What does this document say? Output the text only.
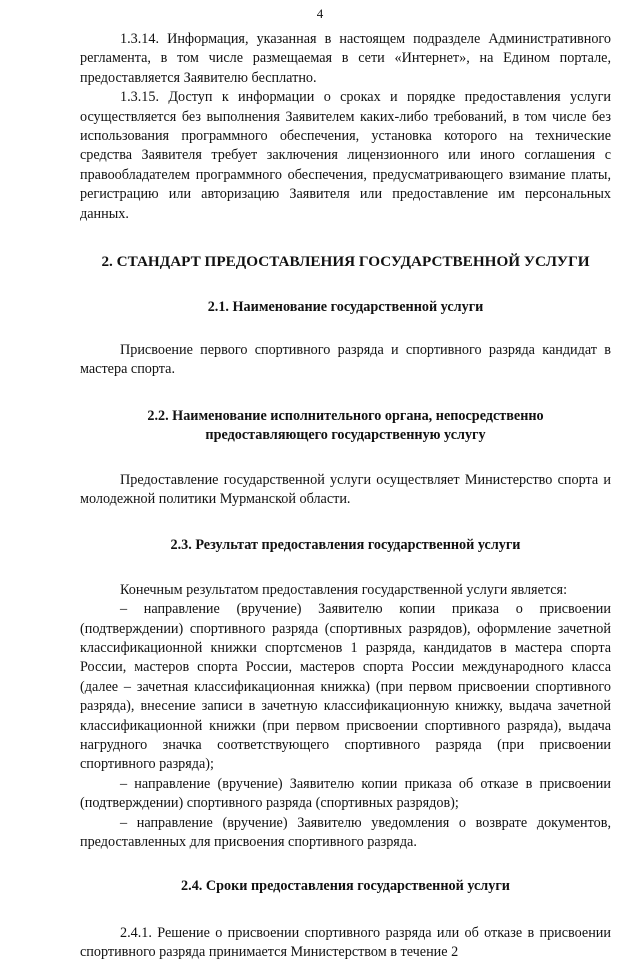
4

1.3.14. Информация, указанная в настоящем подразделе Административного регламента, в том числе размещаемая в сети «Интернет», на Едином портале, предоставляется Заявителю бесплатно.

1.3.15. Доступ к информации о сроках и порядке предоставления услуги осуществляется без выполнения Заявителем каких-либо требований, в том числе без использования программного обеспечения, установка которого на технические средства Заявителя требует заключения лицензионного или иного соглашения с правообладателем программного обеспечения, предусматривающего взимание платы, регистрацию или авторизацию Заявителя или предоставление им персональных данных.

2. СТАНДАРТ ПРЕДОСТАВЛЕНИЯ ГОСУДАРСТВЕННОЙ УСЛУГИ

2.1. Наименование государственной услуги

Присвоение первого спортивного разряда и спортивного разряда кандидат в мастера спорта.

2.2. Наименование исполнительного органа, непосредственно

предоставляющего государственную услугу

Предоставление государственной услуги осуществляет Министерство спорта и молодежной политики Мурманской области.

2.3. Результат предоставления государственной услуги

Конечным результатом предоставления государственной услуги является:

– направление (вручение) Заявителю копии приказа о присвоении (подтверждении) спортивного разряда (спортивных разрядов), оформление зачетной классификационной книжки спортсменов 1 разряда, кандидатов в мастера спорта России, мастеров спорта России, мастеров спорта России международного класса (далее – зачетная классификационная книжка) (при первом присвоении спортивного разряда), внесение записи в зачетную классификационную книжку, выдача зачетной классификационной книжки (при первом присвоении спортивного разряда), выдача нагрудного значка соответствующего спортивного разряда (при присвоении спортивного разряда);

– направление (вручение) Заявителю копии приказа об отказе в присвоении (подтверждении) спортивного разряда (спортивных разрядов);

– направление (вручение) Заявителю уведомления о возврате документов, предоставленных для присвоения спортивного разряда.

2.4. Сроки предоставления государственной услуги

2.4.1. Решение о присвоении спортивного разряда или об отказе в присвоении спортивного разряда принимается Министерством в течение 2
